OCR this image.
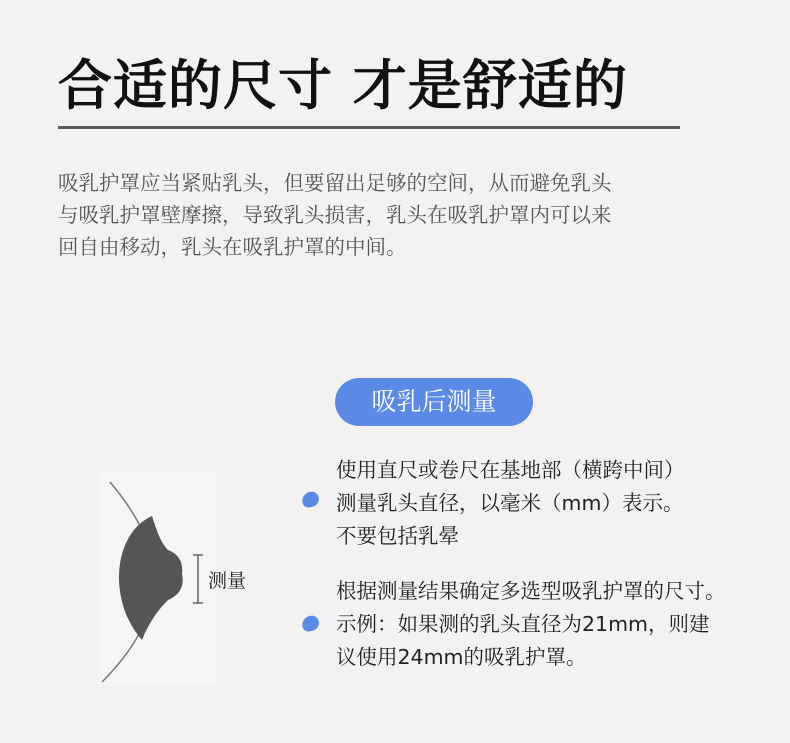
合适的尺寸 才是舒适的
吸乳护罩应当紧贴乳头，但要留出足够的空间，从而避免乳头
与吸乳护罩壁摩擦，导致乳头损害，乳头在吸乳护罩内可以来
回自由移动，乳头在吸乳护罩的中间。
吸乳后测量
测量
使用直尺或卷尺在基地部（横跨中间）
测量乳头直径，以毫米（mm）表示。
不要包括乳晕
根据测量结果确定多选型吸乳护罩的尺寸。
示例：如果测的乳头直径为21mm，则建
议使用24mm的吸乳护罩。
